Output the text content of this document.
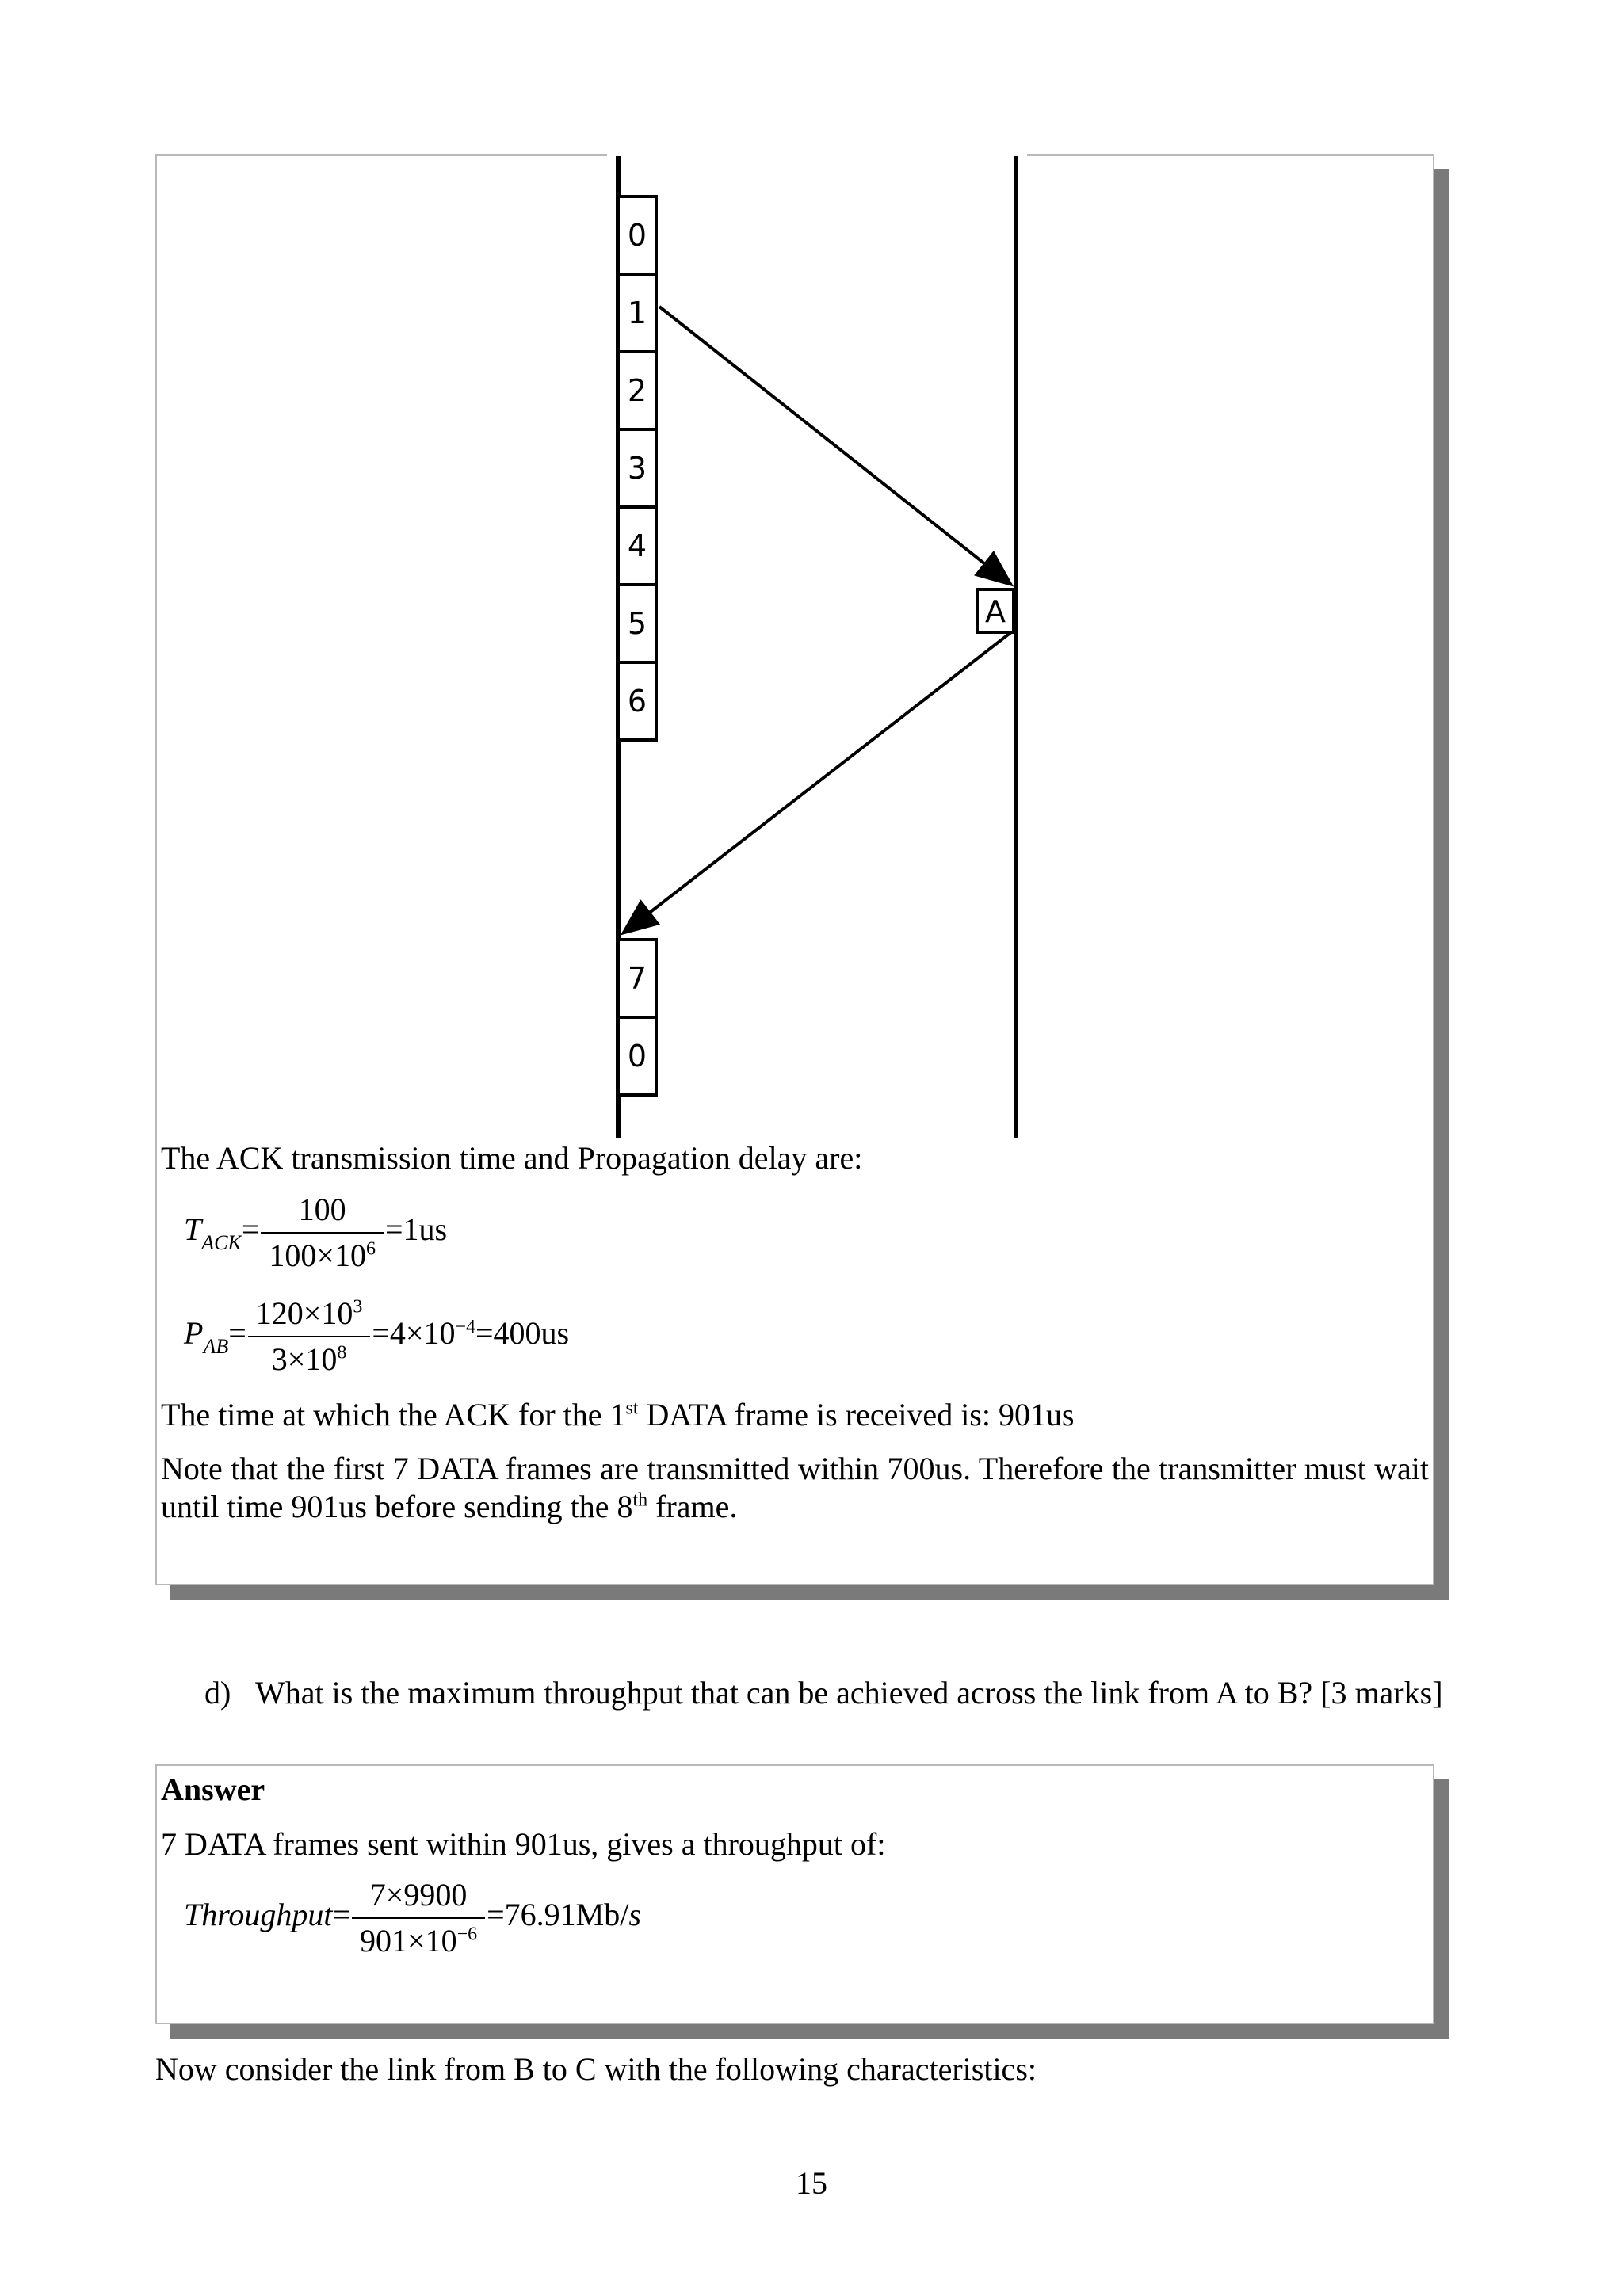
0
1
2
3
4
5
6
7
0
A
The ACK transmission time and Propagation delay are:
$T_{ACK}= \frac{100}{100\times 10^6} =1us$
$P_{AB}= \frac{120\times 10^3}{3\times 10^8} =4\times 10^{-4}=400us$
The time at which the ACK for the 1st DATA frame is received is: 901us
Note that the first 7 DATA frames are transmitted within 700us. Therefore the transmitter must wait until time 901us before sending the 8th frame.
d) What is the maximum throughput that can be achieved across the link from A to B? [3 marks]
Answer
7 DATA frames sent within 901us, gives a throughput of:
Throughput= $\frac{7\times 9900}{901\times 10^{-6}} =76.91Mb/s$
Now consider the link from B to C with the following characteristics:
15
